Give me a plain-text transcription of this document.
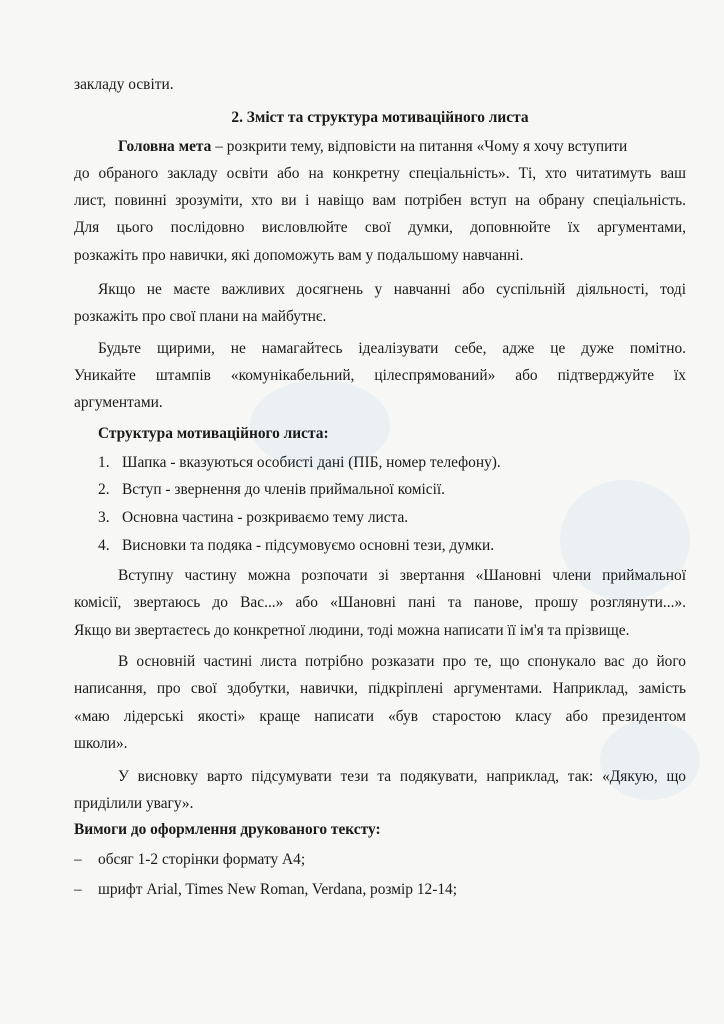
закладу освіти.
2. Зміст та структура мотиваційного листа
Головна мета – розкрити тему, відповісти на питання «Чому я хочу вступити
до обраного закладу освіти або на конкретну спеціальність». Ті, хто читатимуть ваш
лист, повинні зрозуміти, хто ви і навіщо вам потрібен вступ на обрану спеціальність.
Для цього послідовно висловлюйте свої думки, доповнюйте їх аргументами,
розкажіть про навички, які допоможуть вам у подальшому навчанні.
Якщо не маєте важливих досягнень у навчанні або суспільній діяльності, тоді
розкажіть про свої плани на майбутнє.
Будьте щирими, не намагайтесь ідеалізувати себе, адже це дуже помітно.
Уникайте штампів «комунікабельний, цілеспрямований» або підтверджуйте їх
аргументами.
Структура мотиваційного листа:
1. Шапка - вказуються особисті дані (ПІБ, номер телефону).
2. Вступ - звернення до членів приймальної комісії.
3. Основна частина - розкриваємо тему листа.
4. Висновки та подяка - підсумовуємо основні тези, думки.
Вступну частину можна розпочати зі звертання «Шановні члени приймальної
комісії, звертаюсь до Вас...» або «Шановні пані та панове, прошу розглянути...».
Якщо ви звертаєтесь до конкретної людини, тоді можна написати її ім'я та прізвище.
В основній частині листа потрібно розказати про те, що спонукало вас до його
написання, про свої здобутки, навички, підкріплені аргументами. Наприклад, замість
«маю лідерські якості» краще написати «був старостою класу або президентом
школи».
У висновку варто підсумувати тези та подякувати, наприклад, так: «Дякую, що
приділили увагу».
Вимоги до оформлення друкованого тексту:
– обсяг 1-2 сторінки формату А4;
– шрифт Arial, Times New Roman, Verdana, розмір 12-14;
